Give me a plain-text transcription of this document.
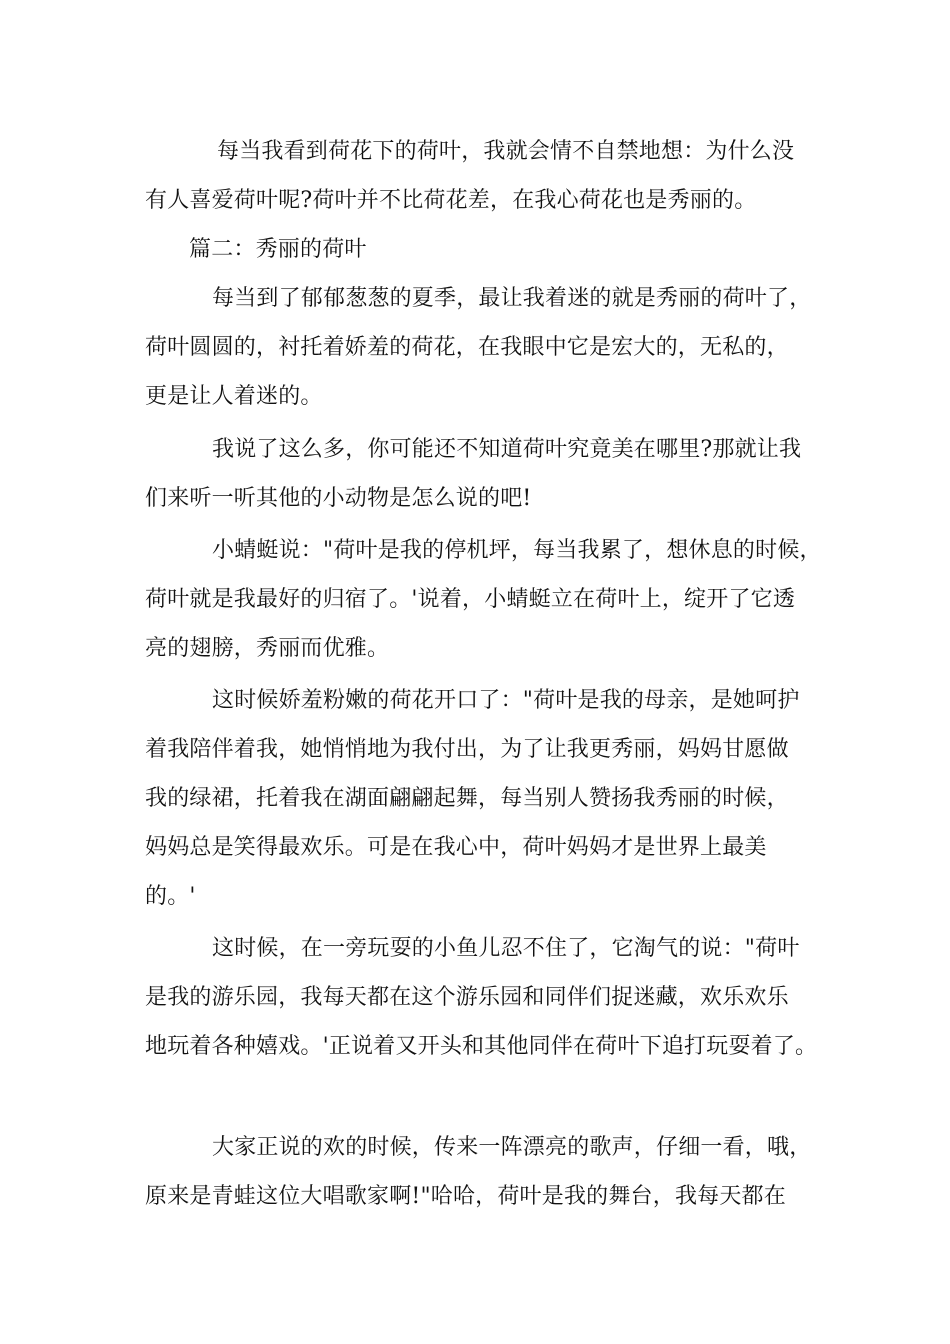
每当我看到荷花下的荷叶，我就会情不自禁地想：为什么没

有人喜爱荷叶呢?荷叶并不比荷花差，在我心荷花也是秀丽的。

篇二：秀丽的荷叶

每当到了郁郁葱葱的夏季，最让我着迷的就是秀丽的荷叶了，

荷叶圆圆的，衬托着娇羞的荷花，在我眼中它是宏大的，无私的，

更是让人着迷的。

我说了这么多，你可能还不知道荷叶究竟美在哪里?那就让我

们来听一听其他的小动物是怎么说的吧!

小蜻蜓说："荷叶是我的停机坪，每当我累了，想休息的时候，

荷叶就是我最好的归宿了。'说着，小蜻蜓立在荷叶上，绽开了它透

亮的翅膀，秀丽而优雅。

这时候娇羞粉嫩的荷花开口了："荷叶是我的母亲，是她呵护

着我陪伴着我，她悄悄地为我付出，为了让我更秀丽，妈妈甘愿做

我的绿裙，托着我在湖面翩翩起舞，每当别人赞扬我秀丽的时候，

妈妈总是笑得最欢乐。可是在我心中，荷叶妈妈才是世界上最美

的。'

这时候，在一旁玩耍的小鱼儿忍不住了，它淘气的说："荷叶

是我的游乐园，我每天都在这个游乐园和同伴们捉迷藏，欢乐欢乐

地玩着各种嬉戏。'正说着又开头和其他同伴在荷叶下追打玩耍着了。

大家正说的欢的时候，传来一阵漂亮的歌声，仔细一看，哦，

原来是青蛙这位大唱歌家啊!"哈哈，荷叶是我的舞台，我每天都在
